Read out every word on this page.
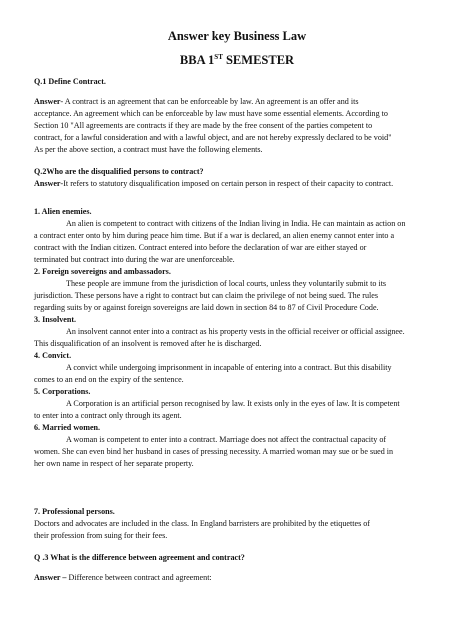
Answer key Business Law
BBA 1ST SEMESTER
Q.1 Define Contract.
Answer- A contract is an agreement that can be enforceable by law. An agreement is an offer and its
acceptance. An agreement which can be enforceable by law must have some essential elements. According to
Section 10 "All agreements are contracts if they are made by the free consent of the parties competent to
contract, for a lawful consideration and with a lawful object, and are not hereby expressly declared to be void"
As per the above section, a contract must have the following elements.
Q.2Who are the disqualified persons to contract?
Answer-It refers to statutory disqualification imposed on certain person in respect of their capacity to contract.
1. Alien enemies.
An alien is competent to contract with citizens of the Indian living in India. He can maintain as action on
a contract enter onto by him during peace him time. But if a war is declared, an alien enemy cannot enter into a
contract with the Indian citizen. Contract entered into before the declaration of war are either stayed or
terminated but contract into during the war are unenforceable.
2. Foreign sovereigns and ambassadors.
These people are immune from the jurisdiction of local courts, unless they voluntarily submit to its
jurisdiction. These persons have a right to contract but can claim the privilege of not being sued. The rules
regarding suits by or against foreign sovereigns are laid down in section 84 to 87 of Civil Procedure Code.
3. Insolvent.
An insolvent cannot enter into a contract as his property vests in the official receiver or official assignee.
This disqualification of an insolvent is removed after he is discharged.
4. Convict.
A convict while undergoing imprisonment in incapable of entering into a contract. But this disability
comes to an end on the expiry of the sentence.
5. Corporations.
A Corporation is an artificial person recognised by law. It exists only in the eyes of law. It is competent
to enter into a contract only through its agent.
6. Married women.
A woman is competent to enter into a contract. Marriage does not affect the contractual capacity of
women. She can even bind her husband in cases of pressing necessity. A married woman may sue or be sued in
her own name in respect of her separate property.
7. Professional persons.
Doctors and advocates are included in the class. In England barristers are prohibited by the etiquettes of
their profession from suing for their fees.
Q .3 What is the difference between agreement and contract?
Answer – Difference between contract and agreement:
